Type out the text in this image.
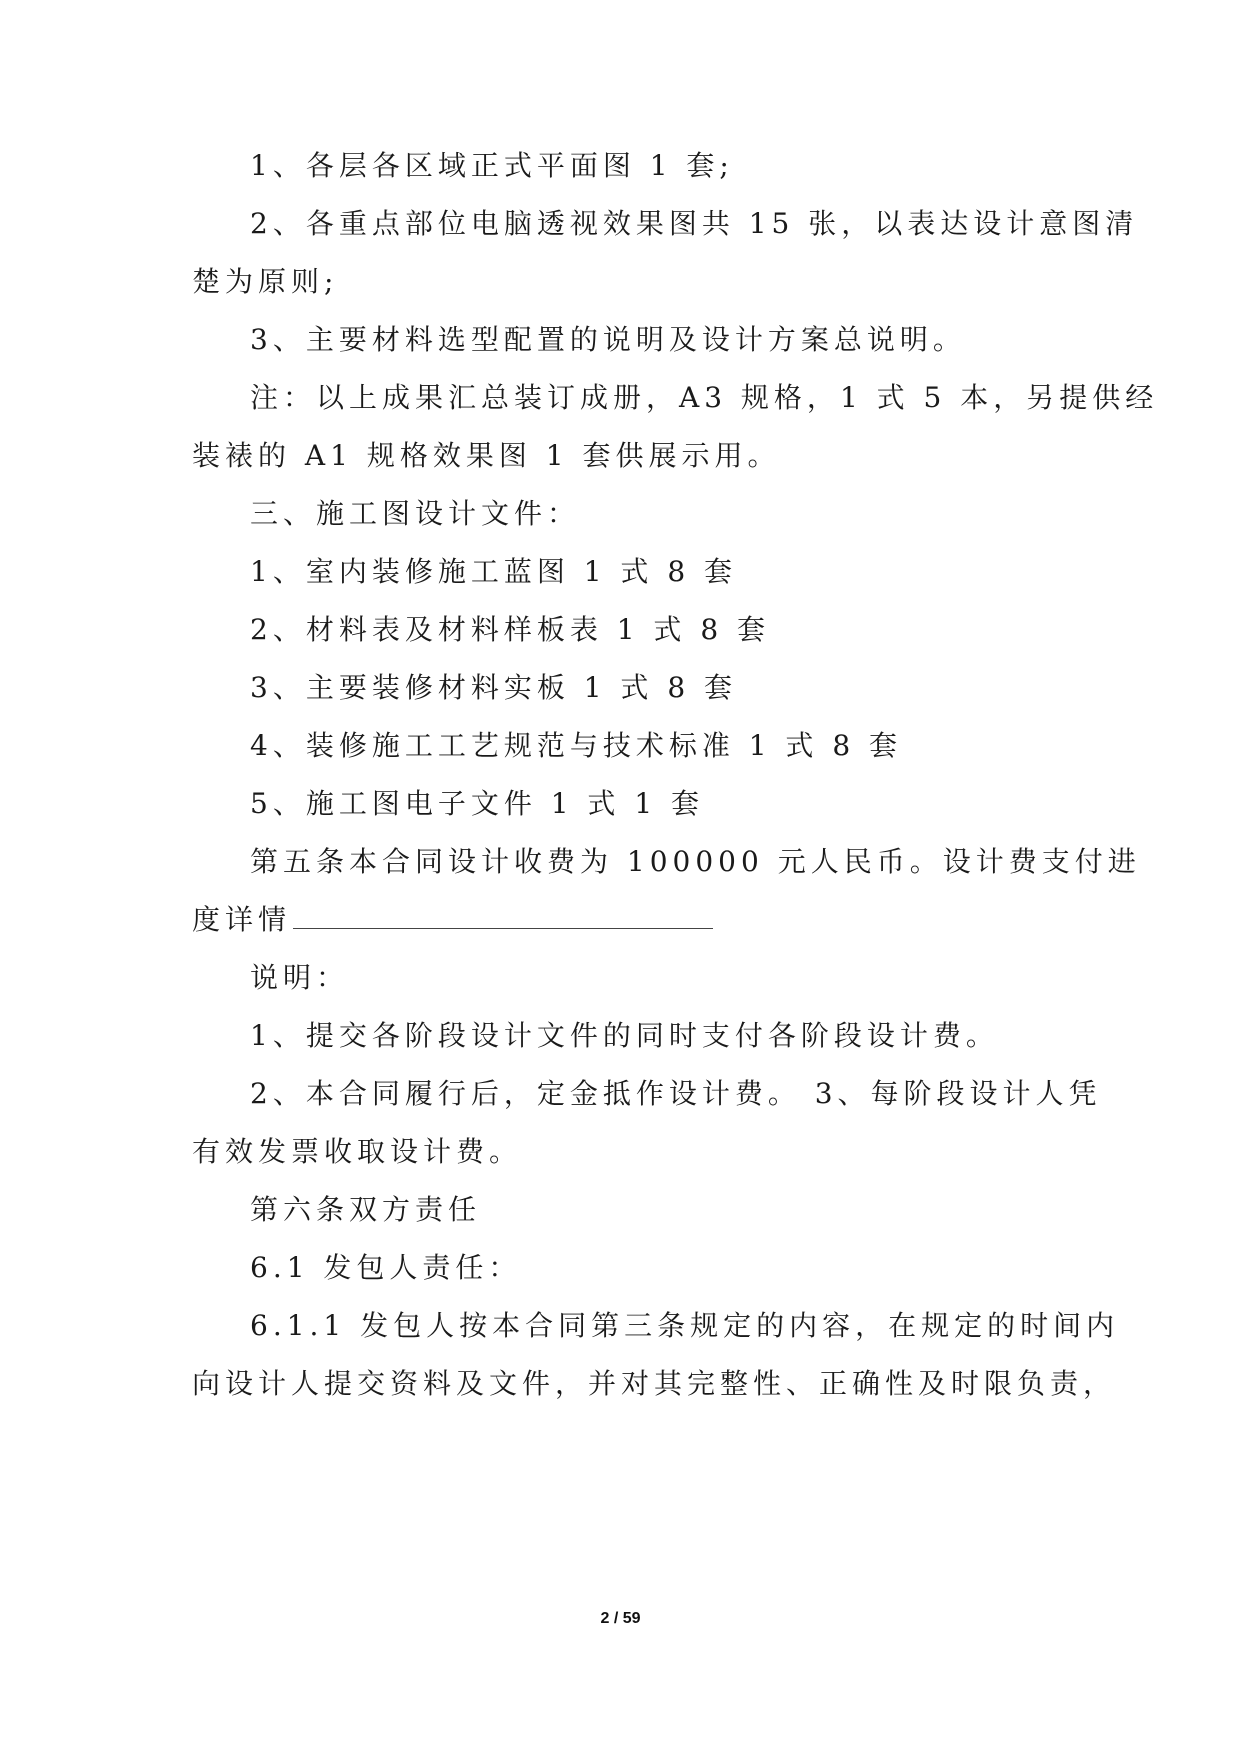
1、各层各区域正式平面图 1 套;
2、各重点部位电脑透视效果图共 15 张，以表达设计意图清
楚为原则;
3、主要材料选型配置的说明及设计方案总说明。
注：以上成果汇总装订成册，A3 规格，1 式 5 本，另提供经
装裱的 A1 规格效果图 1 套供展示用。
三、施工图设计文件：
1、室内装修施工蓝图 1 式 8 套
2、材料表及材料样板表 1 式 8 套
3、主要装修材料实板 1 式 8 套
4、装修施工工艺规范与技术标准 1 式 8 套
5、施工图电子文件 1 式 1 套
第五条本合同设计收费为 100000 元人民币。设计费支付进
度详情
说明：
1、提交各阶段设计文件的同时支付各阶段设计费。
2、本合同履行后，定金抵作设计费。 3、每阶段设计人凭
有效发票收取设计费。
第六条双方责任
6.1 发包人责任：
6.1.1 发包人按本合同第三条规定的内容，在规定的时间内
向设计人提交资料及文件，并对其完整性、正确性及时限负责，
2 / 59
